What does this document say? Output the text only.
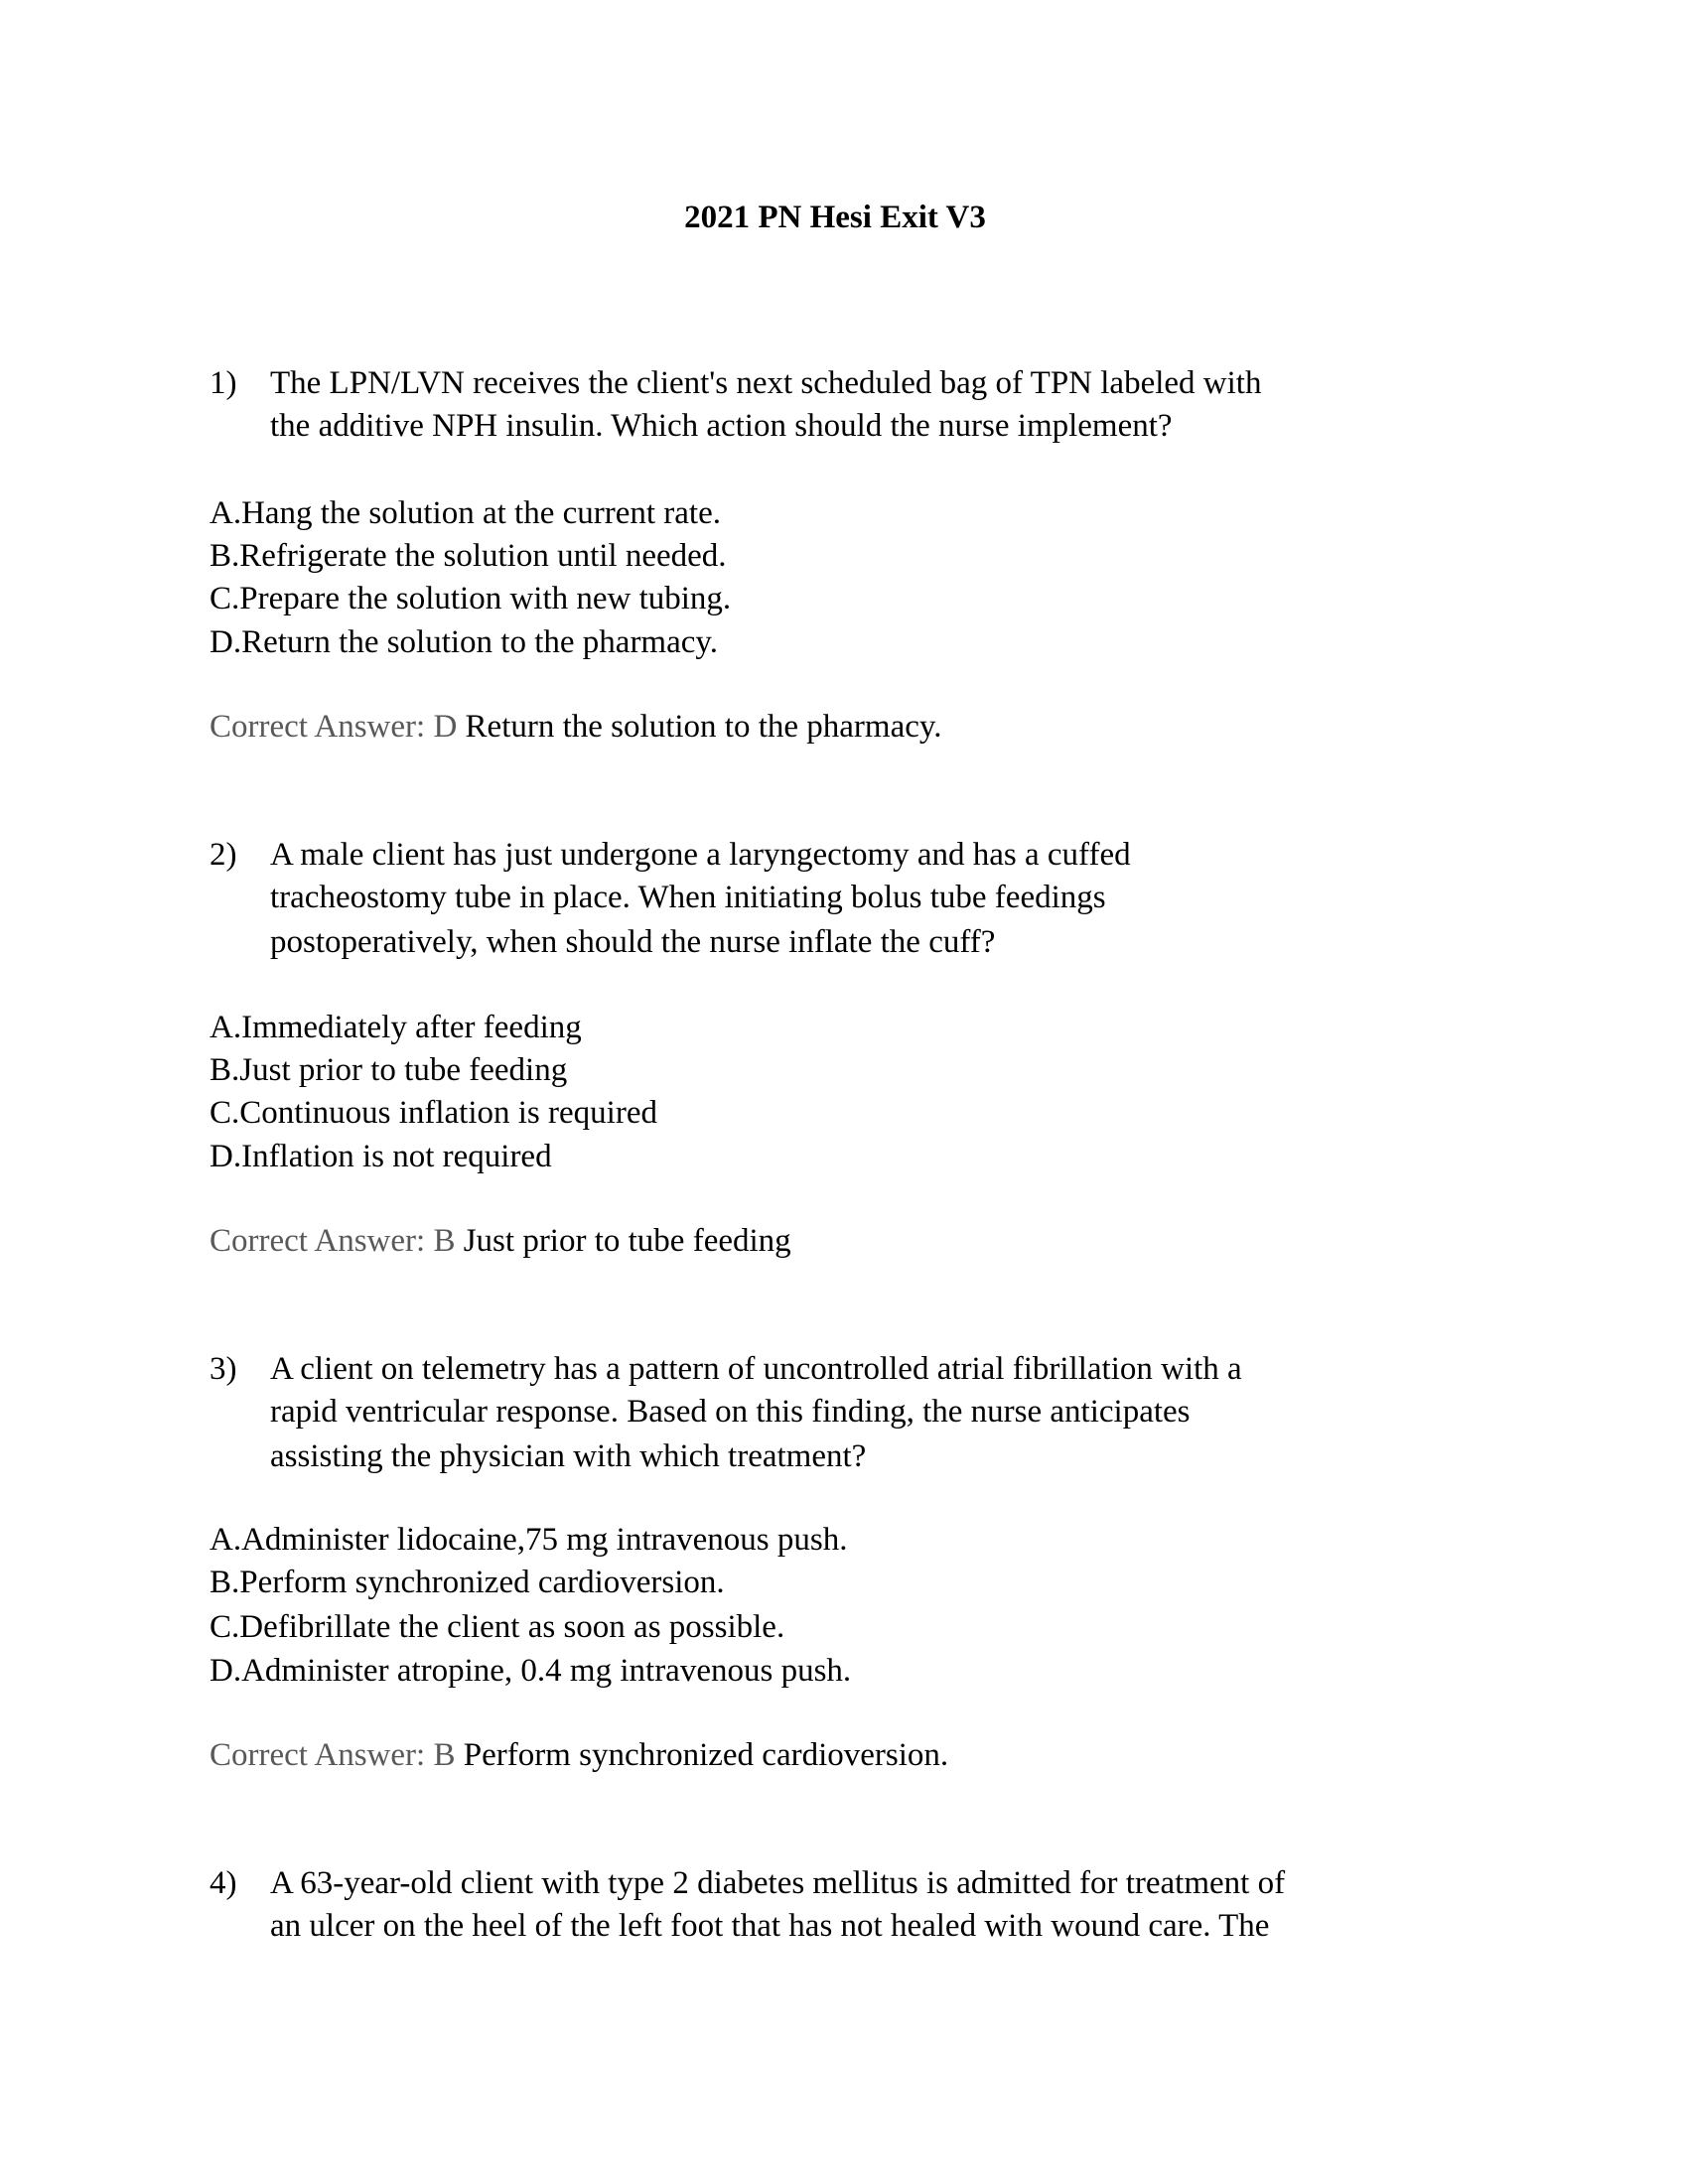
2021 PN Hesi Exit V3
1) The LPN/LVN receives the client's next scheduled bag of TPN labeled with
the additive NPH insulin. Which action should the nurse implement?
A.Hang the solution at the current rate.
B.Refrigerate the solution until needed.
C.Prepare the solution with new tubing.
D.Return the solution to the pharmacy.
Correct Answer: D Return the solution to the pharmacy.
2) A male client has just undergone a laryngectomy and has a cuffed
tracheostomy tube in place. When initiating bolus tube feedings
postoperatively, when should the nurse inflate the cuff?
A.Immediately after feeding
B.Just prior to tube feeding
C.Continuous inflation is required
D.Inflation is not required
Correct Answer: B Just prior to tube feeding
3) A client on telemetry has a pattern of uncontrolled atrial fibrillation with a
rapid ventricular response. Based on this finding, the nurse anticipates
assisting the physician with which treatment?
A.Administer lidocaine,75 mg intravenous push.
B.Perform synchronized cardioversion.
C.Defibrillate the client as soon as possible.
D.Administer atropine, 0.4 mg intravenous push.
Correct Answer: B Perform synchronized cardioversion.
4) A 63-year-old client with type 2 diabetes mellitus is admitted for treatment of
an ulcer on the heel of the left foot that has not healed with wound care. The
